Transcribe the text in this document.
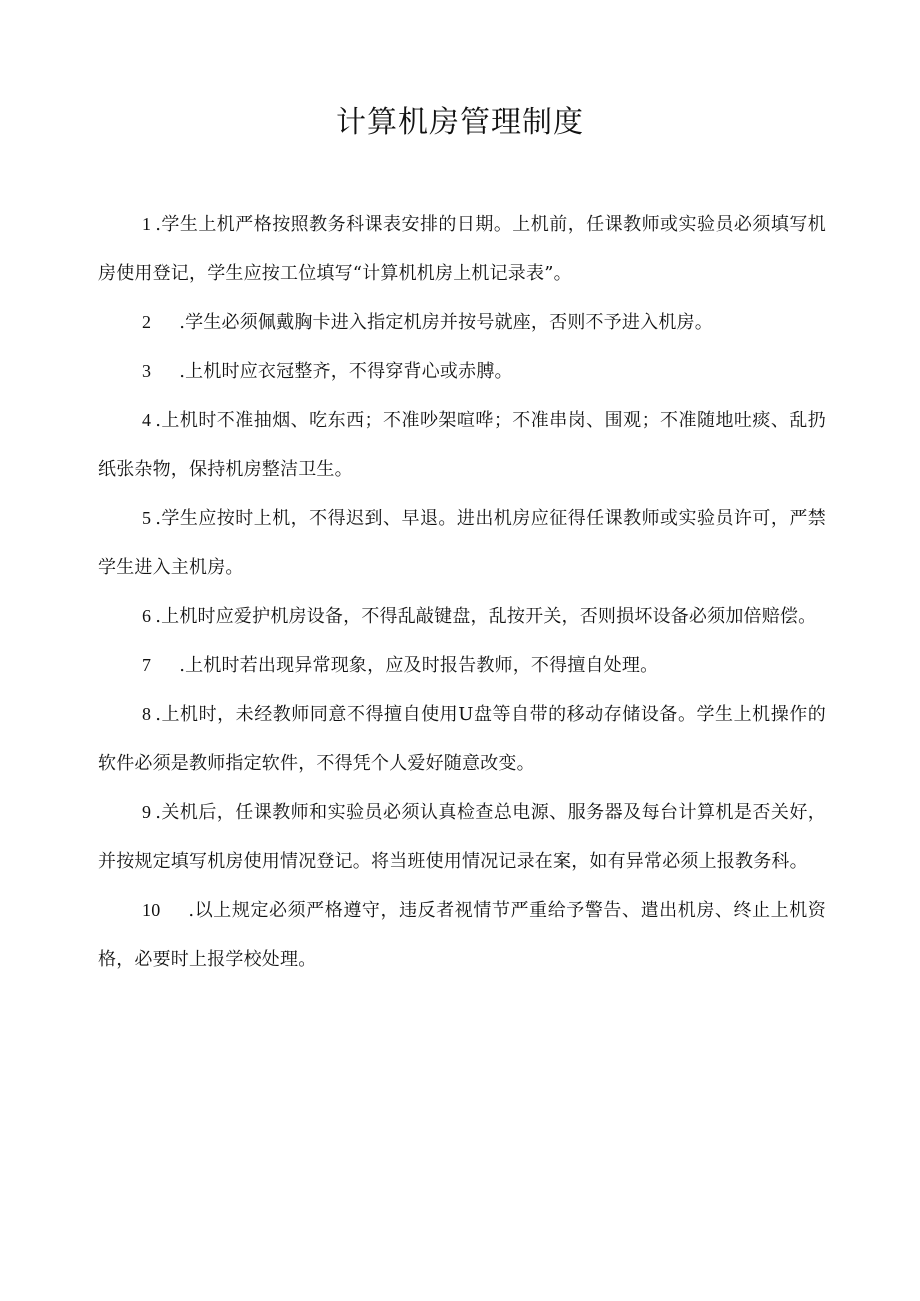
计算机房管理制度

1 .学生上机严格按照教务科课表安排的日期。上机前，任课教师或实验员必须填写机房使用登记，学生应按工位填写“计算机机房上机记录表”。

2 .学生必须佩戴胸卡进入指定机房并按号就座，否则不予进入机房。

3 .上机时应衣冠整齐，不得穿背心或赤膊。

4 .上机时不准抽烟、吃东西；不准吵架喧哗；不准串岗、围观；不准随地吐痰、乱扔纸张杂物，保持机房整洁卫生。

5 .学生应按时上机，不得迟到、早退。进出机房应征得任课教师或实验员许可，严禁学生进入主机房。

6 .上机时应爱护机房设备，不得乱敲键盘，乱按开关，否则损坏设备必须加倍赔偿。

7 .上机时若出现异常现象，应及时报告教师，不得擅自处理。

8 .上机时，未经教师同意不得擅自使用U盘等自带的移动存储设备。学生上机操作的软件必须是教师指定软件，不得凭个人爱好随意改变。

9 .关机后，任课教师和实验员必须认真检查总电源、服务器及每台计算机是否关好，并按规定填写机房使用情况登记。将当班使用情况记录在案，如有异常必须上报教务科。

10 .以上规定必须严格遵守，违反者视情节严重给予警告、遣出机房、终止上机资格，必要时上报学校处理。
